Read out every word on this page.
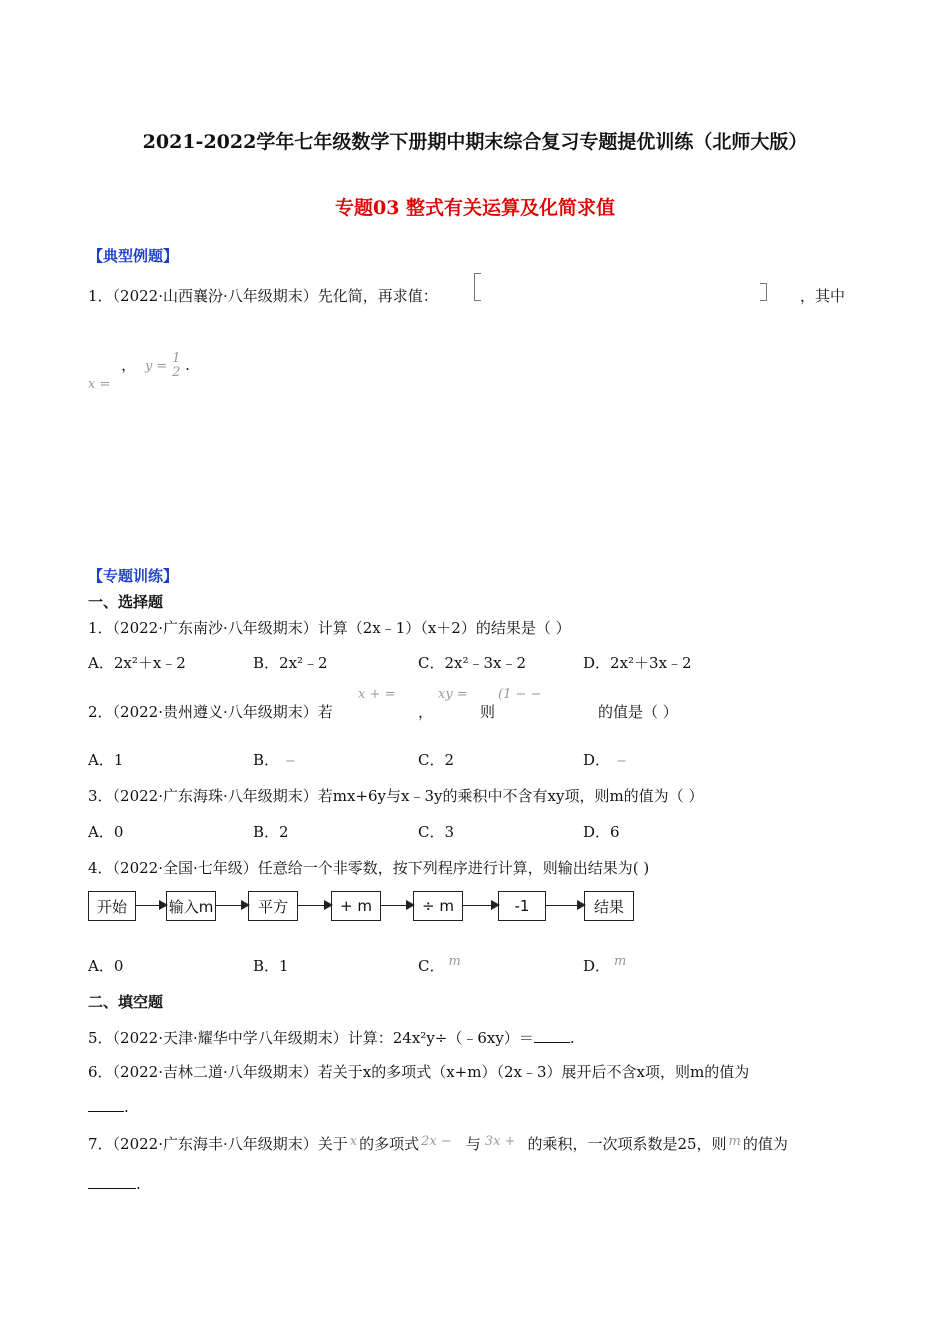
2021-2022学年七年级数学下册期中期末综合复习专题提优训练（北师大版）
专题03 整式有关运算及化简求值
【典型例题】
1．（2022·山西襄汾·八年级期末）先化简，再求值：	，其中
x = ， y =
1
2 .
【专题训练】
一、选择题
1．（2022·广东南沙·八年级期末）计算（2x﹣1）（x＋2）的结果是（ ）
A．2x²＋x﹣2	B．2x²﹣2	C．2x²﹣3x﹣2	D．2x²＋3x﹣2
2．（2022·贵州遵义·八年级期末）若
x + =
，
xy =
则
(1 − −
的值是（ ）
A．1	B． −	C．2	D． −
3．（2022·广东海珠·八年级期末）若mx+6y与x﹣3y的乘积中不含有xy项，则m的值为（ ）
A．0	B．2	C．3	D．6
4．（2022·全国·七年级）任意给一个非零数，按下列程序进行计算，则输出结果为( )
开始	输入m	平方	+ m	÷ m	-1	结果
A．0	B．1	C． m	D． m
二、填空题
5．（2022·天津·耀华中学八年级期末）计算：24x²y÷（﹣6xy）＝ .
6．（2022·吉林二道·八年级期末）若关于x的多项式（x+m）（2x﹣3）展开后不含x项，则m的值为
.
7．（2022·广东海丰·八年级期末）关于 x 的多项式 2x − 与 3x + 的乘积，一次项系数是25，则 m 的值为
.
